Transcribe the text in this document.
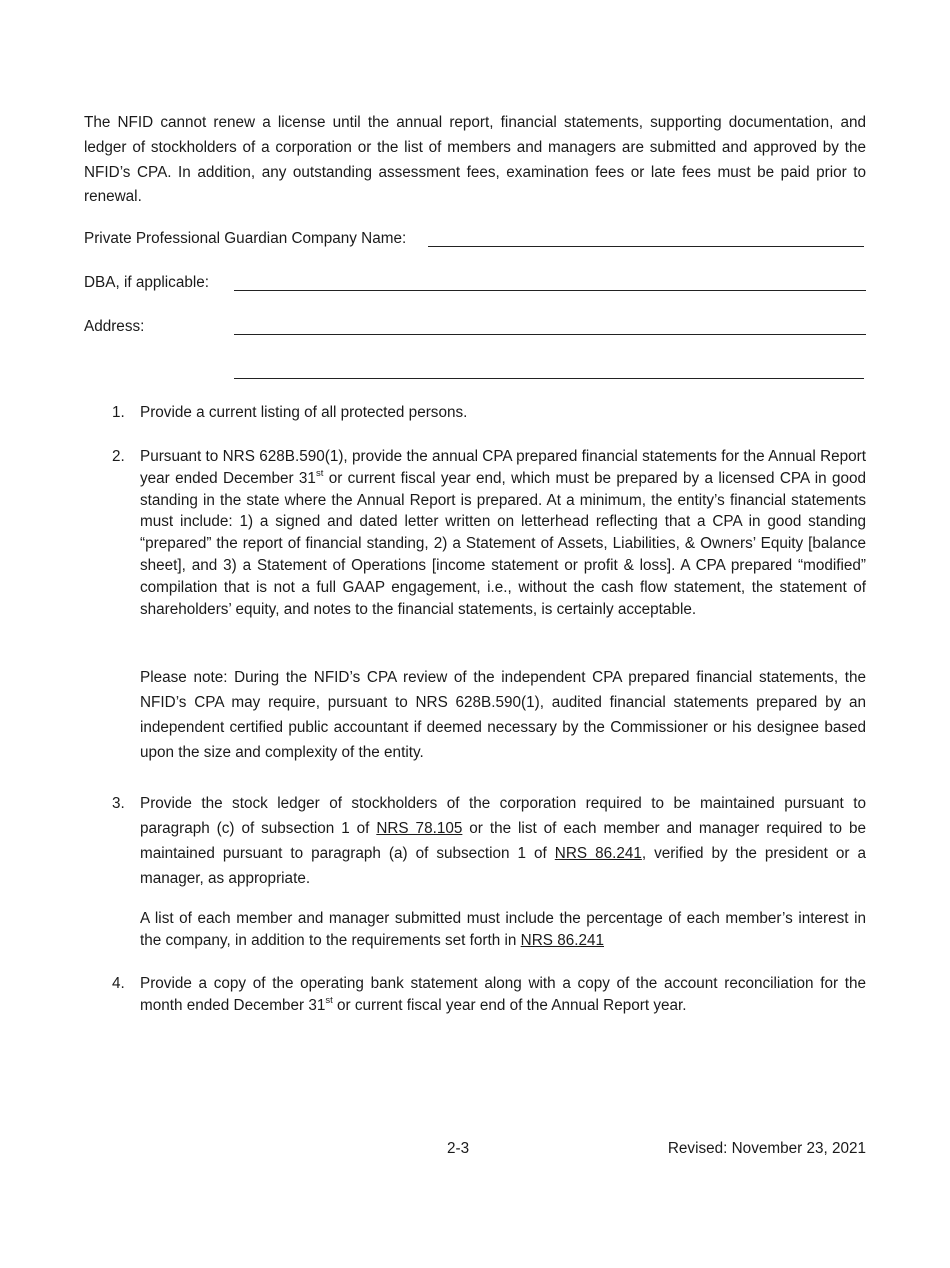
The NFID cannot renew a license until the annual report, financial statements, supporting documentation, and ledger of stockholders of a corporation or the list of members and managers are submitted and approved by the NFID’s CPA. In addition, any outstanding assessment fees, examination fees or late fees must be paid prior to renewal.

Private Professional Guardian Company Name:
DBA, if applicable:
Address:
1. Provide a current listing of all protected persons.

2. Pursuant to NRS 628B.590(1), provide the annual CPA prepared financial statements for the Annual Report year ended December 31st or current fiscal year end, which must be prepared by a licensed CPA in good standing in the state where the Annual Report is prepared. At a minimum, the entity’s financial statements must include: 1) a signed and dated letter written on letterhead reflecting that a CPA in good standing “prepared” the report of financial standing, 2) a Statement of Assets, Liabilities, & Owners’ Equity [balance sheet], and 3) a Statement of Operations [income statement or profit & loss]. A CPA prepared “modified” compilation that is not a full GAAP engagement, i.e., without the cash flow statement, the statement of shareholders’ equity, and notes to the financial statements, is certainly acceptable.

Please note: During the NFID’s CPA review of the independent CPA prepared financial statements, the NFID’s CPA may require, pursuant to NRS 628B.590(1), audited financial statements prepared by an independent certified public accountant if deemed necessary by the Commissioner or his designee based upon the size and complexity of the entity.

3. Provide the stock ledger of stockholders of the corporation required to be maintained pursuant to paragraph (c) of subsection 1 of NRS 78.105 or the list of each member and manager required to be maintained pursuant to paragraph (a) of subsection 1 of NRS 86.241, verified by the president or a manager, as appropriate.

A list of each member and manager submitted must include the percentage of each member’s interest in the company, in addition to the requirements set forth in NRS 86.241

4. Provide a copy of the operating bank statement along with a copy of the account reconciliation for the month ended December 31st or current fiscal year end of the Annual Report year.

2-3	Revised: November 23, 2021
